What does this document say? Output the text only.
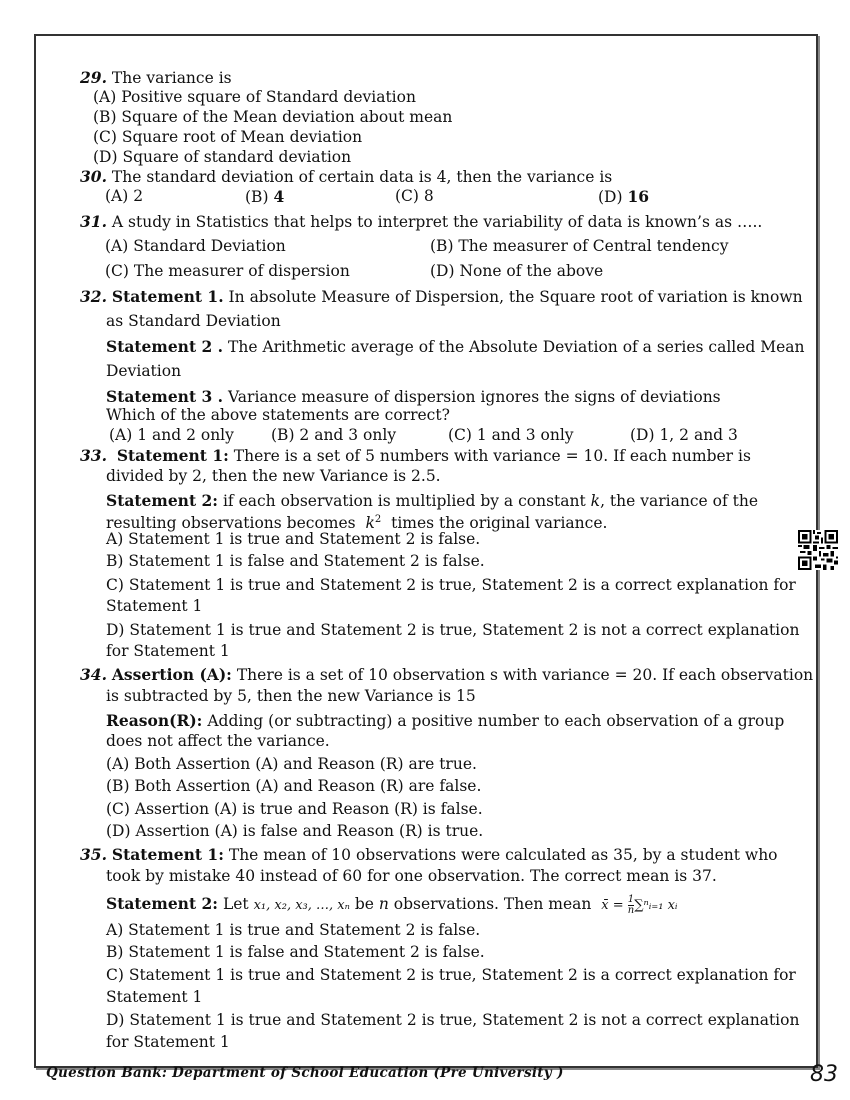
29. The variance is
(A) Positive square of Standard deviation
(B) Square of the Mean deviation about mean
(C) Square root of Mean deviation
(D) Square of standard deviation
30. The standard deviation of certain data is 4, then the variance is
(A) 2	(B) 4	(C) 8	(D) 16
31. A study in Statistics that helps to interpret the variability of data is known’s as …..
(A) Standard Deviation	(B) The measurer of Central tendency
(C) The measurer of dispersion	(D) None of the above
32. Statement 1. In absolute Measure of Dispersion, the Square root of variation is known
as Standard Deviation
Statement 2 . The Arithmetic average of the Absolute Deviation of a series called Mean
Deviation
Statement 3 . Variance measure of dispersion ignores the signs of deviations
Which of the above statements are correct?
(A) 1 and 2 only (B) 2 and 3 only	(C) 1 and 3 only	(D) 1, 2 and 3
33. Statement 1: There is a set of 5 numbers with variance = 10. If each number is
divided by 2, then the new Variance is 2.5.
Statement 2: if each observation is multiplied by a constant k, the variance of the
resulting observations becomes $k^2$ times the original variance.
A) Statement 1 is true and Statement 2 is false.
B) Statement 1 is false and Statement 2 is false.
C) Statement 1 is true and Statement 2 is true, Statement 2 is a correct explanation for
Statement 1
D) Statement 1 is true and Statement 2 is true, Statement 2 is not a correct explanation
for Statement 1
34. Assertion (A): There is a set of 10 observation s with variance = 20. If each observation
is subtracted by 5, then the new Variance is 15
Reason(R): Adding (or subtracting) a positive number to each observation of a group
does not affect the variance.
(A) Both Assertion (A) and Reason (R) are true.
(B) Both Assertion (A) and Reason (R) are false.
(C) Assertion (A) is true and Reason (R) is false.
(D) Assertion (A) is false and Reason (R) is true.
35. Statement 1: The mean of 10 observations were calculated as 35, by a student who
took by mistake 40 instead of 60 for one observation. The correct mean is 37.
Statement 2: Let x₁, x₂, x₃, …, xₙ be n observations. Then mean x̄ = $\frac{1}{n}$ ∑ⁿᵢ₌₁ xᵢ
A) Statement 1 is true and Statement 2 is false.
B) Statement 1 is false and Statement 2 is false.
C) Statement 1 is true and Statement 2 is true, Statement 2 is a correct explanation for
Statement 1
D) Statement 1 is true and Statement 2 is true, Statement 2 is not a correct explanation
for Statement 1
Question Bank: Department of School Education (Pre University )	83
